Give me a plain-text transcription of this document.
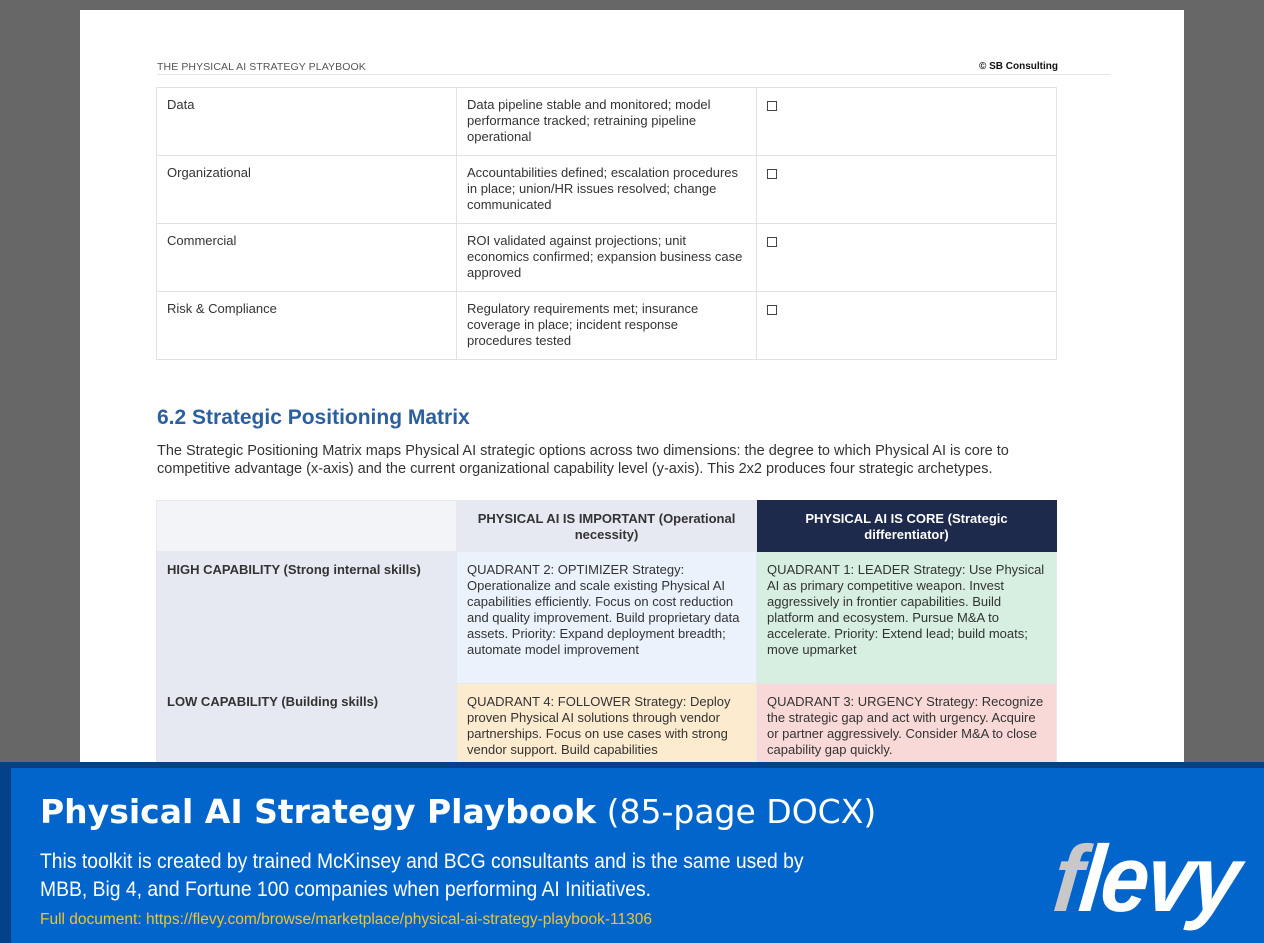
THE PHYSICAL AI STRATEGY PLAYBOOK	© SB Consulting
Data	Data pipeline stable and monitored; model performance tracked; retraining pipeline operational	
Organizational	Accountabilities defined; escalation procedures in place; union/HR issues resolved; change communicated	
Commercial	ROI validated against projections; unit economics confirmed; expansion business case approved	
Risk & Compliance	Regulatory requirements met; insurance coverage in place; incident response procedures tested	
6.2 Strategic Positioning Matrix
The Strategic Positioning Matrix maps Physical AI strategic options across two dimensions: the degree to which Physical AI is core to competitive advantage (x-axis) and the current organizational capability level (y-axis). This 2x2 produces four strategic archetypes.
	PHYSICAL AI IS IMPORTANT (Operational necessity)	PHYSICAL AI IS CORE (Strategic differentiator)
HIGH CAPABILITY (Strong internal skills)	QUADRANT 2: OPTIMIZER Strategy: Operationalize and scale existing Physical AI capabilities efficiently. Focus on cost reduction and quality improvement. Build proprietary data assets. Priority: Expand deployment breadth; automate model improvement	QUADRANT 1: LEADER Strategy: Use Physical AI as primary competitive weapon. Invest aggressively in frontier capabilities. Build platform and ecosystem. Pursue M&A to accelerate. Priority: Extend lead; build moats; move upmarket
LOW CAPABILITY (Building skills)	QUADRANT 4: FOLLOWER Strategy: Deploy proven Physical AI solutions through vendor partnerships. Focus on use cases with strong vendor support. Build capabilities	QUADRANT 3: URGENCY Strategy: Recognize the strategic gap and act with urgency. Acquire or partner aggressively. Consider M&A to close capability gap quickly.
Physical AI Strategy Playbook (85-page DOCX)
This toolkit is created by trained McKinsey and BCG consultants and is the same used by MBB, Big 4, and Fortune 100 companies when performing AI Initiatives.
Full document: https://flevy.com/browse/marketplace/physical-ai-strategy-playbook-11306	flevy
